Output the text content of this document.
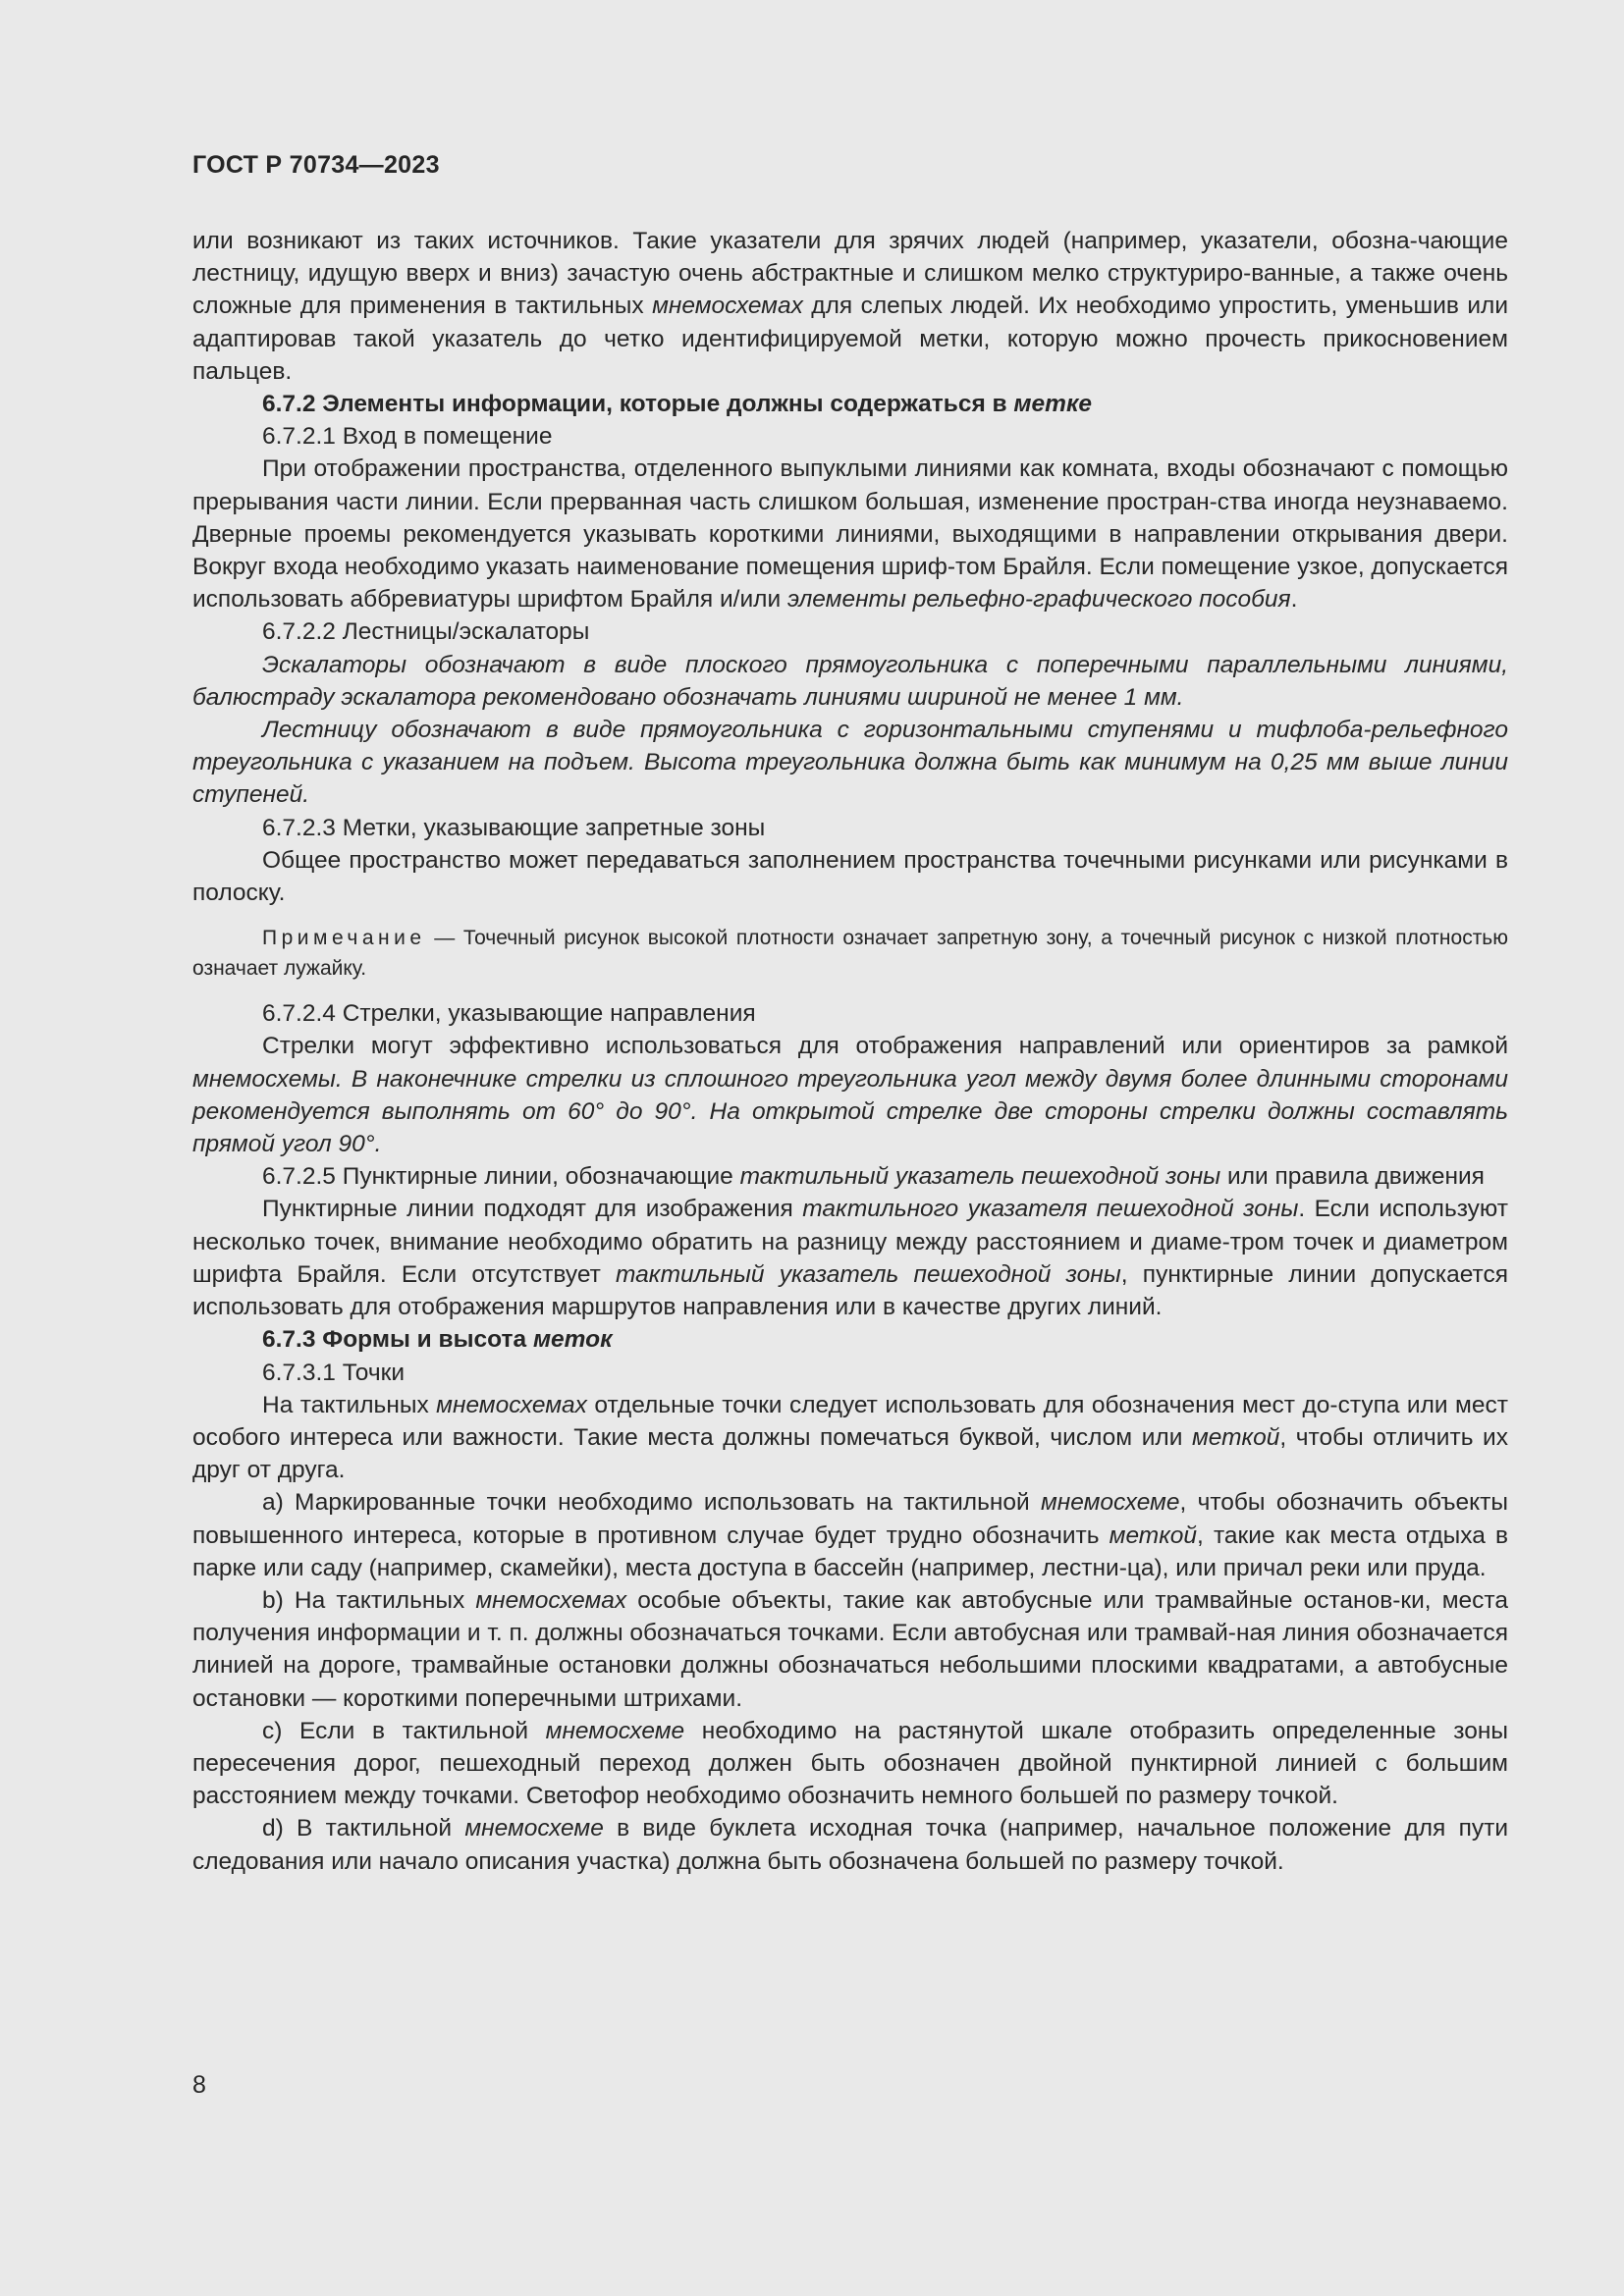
ГОСТ Р 70734—2023

или возникают из таких источников. Такие указатели для зрячих людей (например, указатели, обозна-чающие лестницу, идущую вверх и вниз) зачастую очень абстрактные и слишком мелко структуриро-ванные, а также очень сложные для применения в тактильных мнемосхемах для слепых людей. Их необходимо упростить, уменьшив или адаптировав такой указатель до четко идентифицируемой метки, которую можно прочесть прикосновением пальцев.

6.7.2 Элементы информации, которые должны содержаться в метке

6.7.2.1 Вход в помещение

При отображении пространства, отделенного выпуклыми линиями как комната, входы обозначают с помощью прерывания части линии. Если прерванная часть слишком большая, изменение простран-ства иногда неузнаваемо. Дверные проемы рекомендуется указывать короткими линиями, выходящими в направлении открывания двери. Вокруг входа необходимо указать наименование помещения шриф-том Брайля. Если помещение узкое, допускается использовать аббревиатуры шрифтом Брайля и/или элементы рельефно-графического пособия.

6.7.2.2 Лестницы/эскалаторы

Эскалаторы обозначают в виде плоского прямоугольника с поперечными параллельными линиями, балюстраду эскалатора рекомендовано обозначать линиями шириной не менее 1 мм.

Лестницу обозначают в виде прямоугольника с горизонтальными ступенями и тифлоба-рельефного треугольника с указанием на подъем. Высота треугольника должна быть как минимум на 0,25 мм выше линии ступеней.

6.7.2.3 Метки, указывающие запретные зоны

Общее пространство может передаваться заполнением пространства точечными рисунками или рисунками в полоску.

Примечание — Точечный рисунок высокой плотности означает запретную зону, а точечный рисунок с низкой плотностью означает лужайку.

6.7.2.4 Стрелки, указывающие направления

Стрелки могут эффективно использоваться для отображения направлений или ориентиров за рамкой мнемосхемы. В наконечнике стрелки из сплошного треугольника угол между двумя более длинными сторонами рекомендуется выполнять от 60° до 90°. На открытой стрелке две стороны стрелки должны составлять прямой угол 90°.

6.7.2.5 Пунктирные линии, обозначающие тактильный указатель пешеходной зоны или правила движения

Пунктирные линии подходят для изображения тактильного указателя пешеходной зоны. Если используют несколько точек, внимание необходимо обратить на разницу между расстоянием и диаме-тром точек и диаметром шрифта Брайля. Если отсутствует тактильный указатель пешеходной зоны, пунктирные линии допускается использовать для отображения маршрутов направления или в качестве других линий.

6.7.3 Формы и высота меток

6.7.3.1 Точки

На тактильных мнемосхемах отдельные точки следует использовать для обозначения мест до-ступа или мест особого интереса или важности. Такие места должны помечаться буквой, числом или меткой, чтобы отличить их друг от друга.

a) Маркированные точки необходимо использовать на тактильной мнемосхеме, чтобы обозначить объекты повышенного интереса, которые в противном случае будет трудно обозначить меткой, такие как места отдыха в парке или саду (например, скамейки), места доступа в бассейн (например, лестни-ца), или причал реки или пруда.

b) На тактильных мнемосхемах особые объекты, такие как автобусные или трамвайные останов-ки, места получения информации и т. п. должны обозначаться точками. Если автобусная или трамвай-ная линия обозначается линией на дороге, трамвайные остановки должны обозначаться небольшими плоскими квадратами, а автобусные остановки — короткими поперечными штрихами.

c) Если в тактильной мнемосхеме необходимо на растянутой шкале отобразить определенные зоны пересечения дорог, пешеходный переход должен быть обозначен двойной пунктирной линией с большим расстоянием между точками. Светофор необходимо обозначить немного большей по размеру точкой.

d) В тактильной мнемосхеме в виде буклета исходная точка (например, начальное положение для пути следования или начало описания участка) должна быть обозначена большей по размеру точкой.

8
